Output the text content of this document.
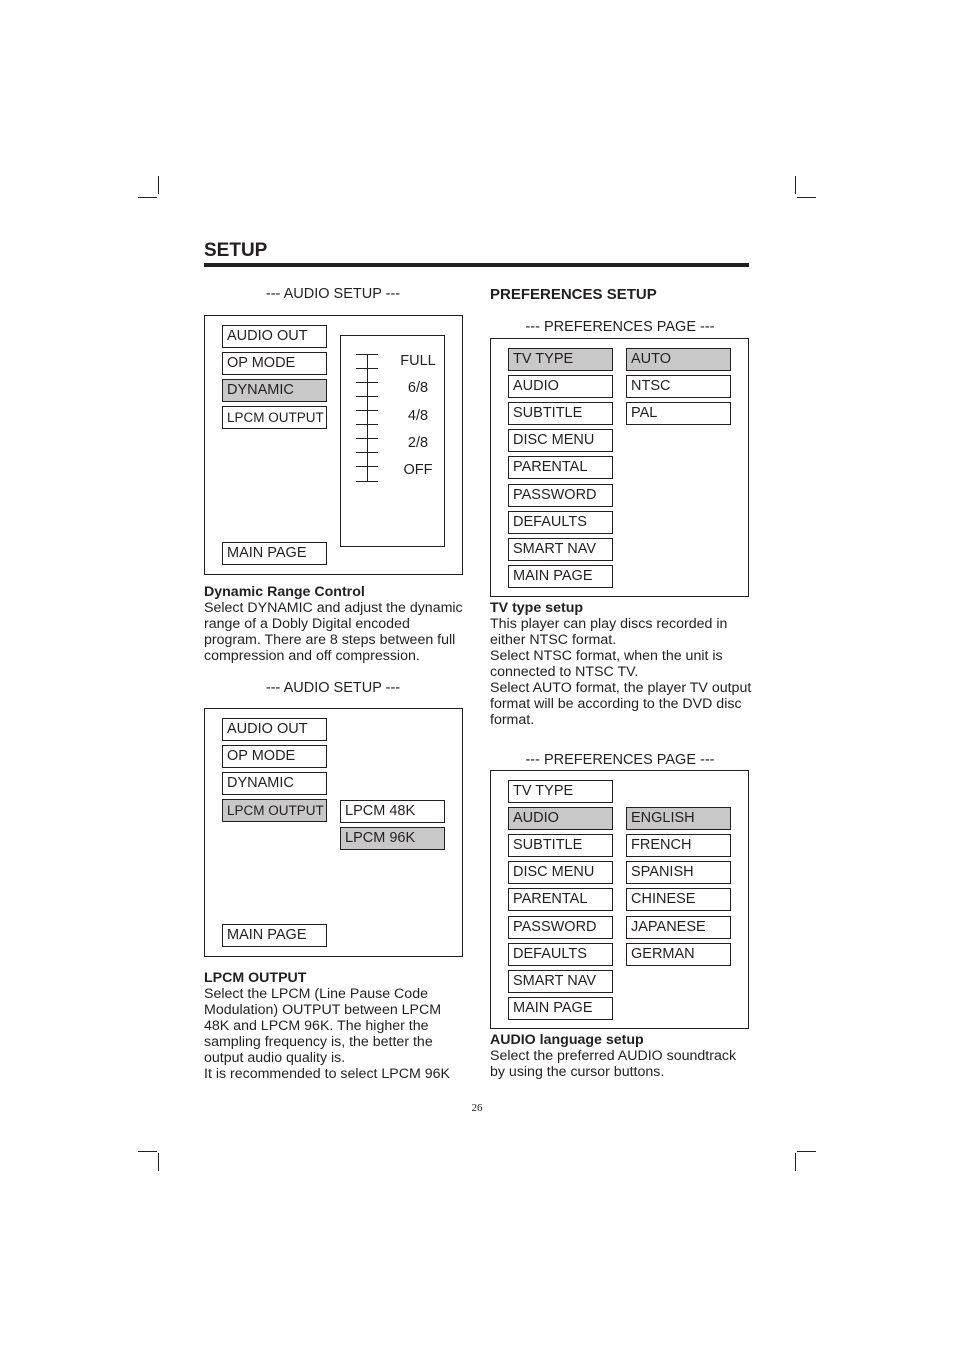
SETUP
--- AUDIO SETUP ---
AUDIO OUT
OP MODE
DYNAMIC
LPCM OUTPUT
MAIN PAGE
FULL
6/8
4/8
2/8
OFF
Dynamic Range Control
Select DYNAMIC and adjust the dynamic
range of a Dobly Digital encoded
program. There are 8 steps between full
compression and off compression.
--- AUDIO SETUP ---
AUDIO OUT
OP MODE
DYNAMIC
LPCM OUTPUT	LPCM 48K
LPCM 96K
MAIN PAGE
LPCM OUTPUT
Select the LPCM (Line Pause Code
Modulation) OUTPUT between LPCM
48K and LPCM 96K. The higher the
sampling frequency is, the better the
output audio quality is.
It is recommended to select LPCM 96K
PREFERENCES SETUP
--- PREFERENCES PAGE ---
TV TYPE
AUDIO
SUBTITLE
DISC MENU
PARENTAL
PASSWORD
DEFAULTS
SMART NAV
MAIN PAGE
AUTO
NTSC
PAL
TV type setup
This player can play discs recorded in
either NTSC format.
Select NTSC format, when the unit is
connected to NTSC TV.
Select AUTO format, the player TV output
format will be according to the DVD disc
format.
--- PREFERENCES PAGE ---
TV TYPE
AUDIO
SUBTITLE
DISC MENU
PARENTAL
PASSWORD
DEFAULTS
SMART NAV
MAIN PAGE
ENGLISH
FRENCH
SPANISH
CHINESE
JAPANESE
GERMAN
AUDIO language setup
Select the preferred AUDIO soundtrack
by using the cursor buttons.
26
